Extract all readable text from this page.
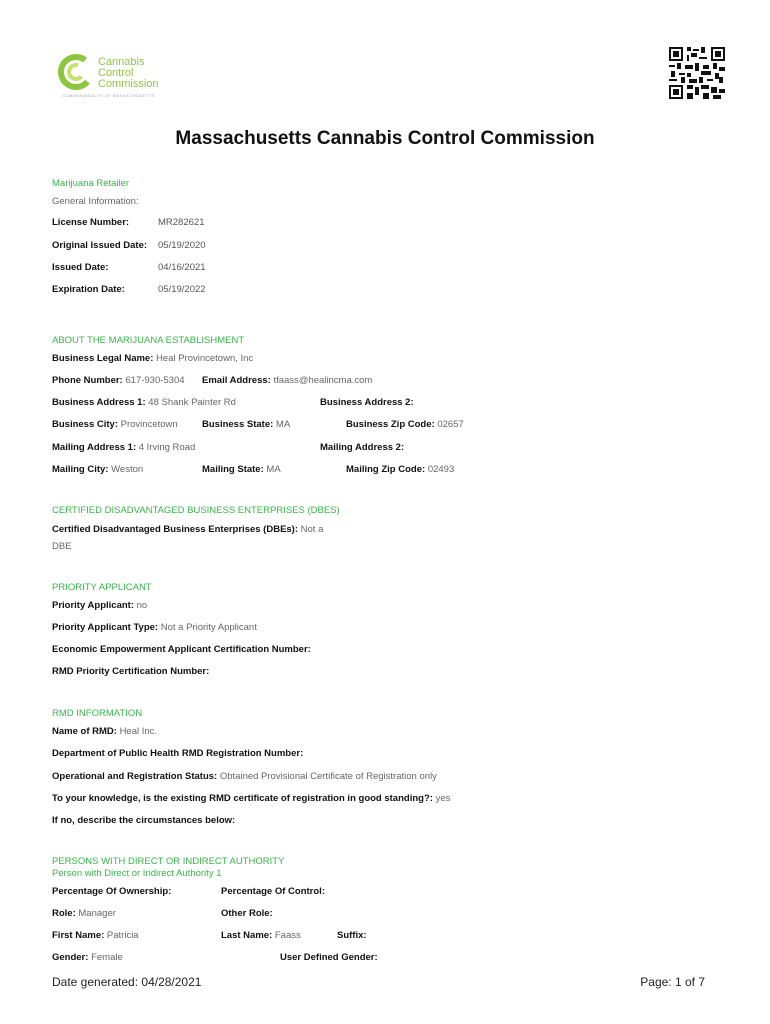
Cannabis
Control
Commission
COMMONWEALTH OF MASSACHUSETTS
Massachusetts Cannabis Control Commission
Marijuana Retailer
General Information:
License Number:	MR282621
Original Issued Date: 05/19/2020
Issued Date:	04/16/2021
Expiration Date:	05/19/2022
ABOUT THE MARIJUANA ESTABLISHMENT
Business Legal Name: Heal Provincetown, Inc
Phone Number: 617-930-5304 Email Address: tfaass@healincma.com
Business Address 1: 48 Shank Painter Rd	Business Address 2:
Business City: Provincetown	Business State: MA	Business Zip Code: 02657
Mailing Address 1: 4 Irving Road	Mailing Address 2:
Mailing City: Weston	Mailing State: MA	Mailing Zip Code: 02493
CERTIFIED DISADVANTAGED BUSINESS ENTERPRISES (DBES)
Certified Disadvantaged Business Enterprises (DBEs): Not a
DBE
PRIORITY APPLICANT
Priority Applicant: no
Priority Applicant Type: Not a Priority Applicant
Economic Empowerment Applicant Certification Number:
RMD Priority Certification Number:
RMD INFORMATION
Name of RMD: Heal Inc.
Department of Public Health RMD Registration Number:
Operational and Registration Status: Obtained Provisional Certificate of Registration only
To your knowledge, is the existing RMD certificate of registration in good standing?: yes
If no, describe the circumstances below:
PERSONS WITH DIRECT OR INDIRECT AUTHORITY
Person with Direct or Indirect Authority 1
Percentage Of Ownership:	Percentage Of Control:
Role: Manager	Other Role:
First Name: Patricia	Last Name: Faass	Suffix:
Gender: Female	User Defined Gender:
Date generated: 04/28/2021	Page: 1 of 7
